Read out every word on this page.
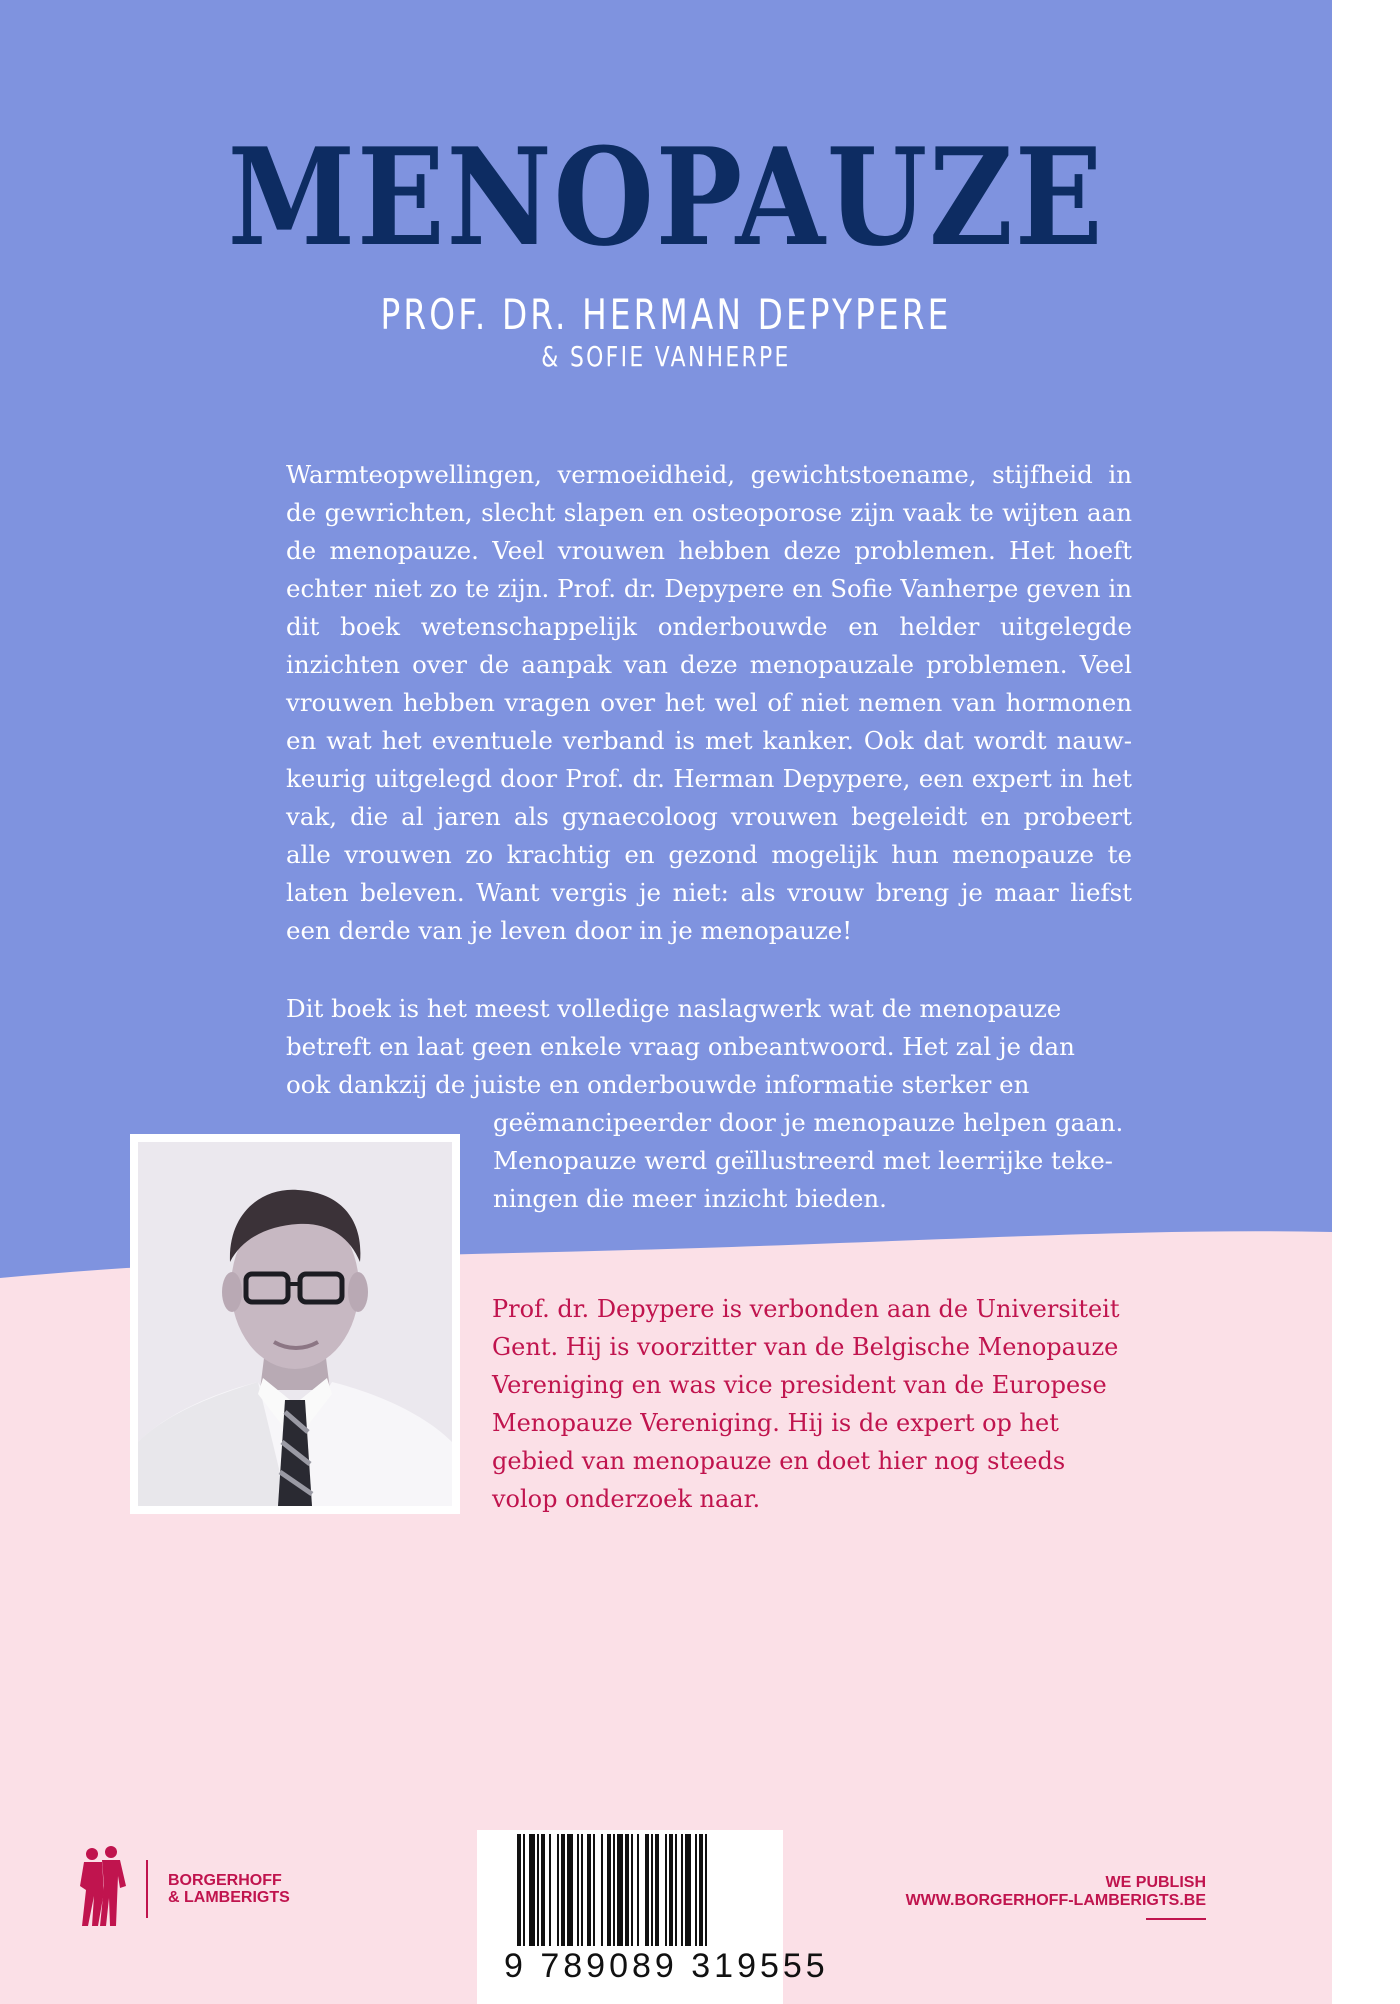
MENOPAUZE
PROF. DR. HERMAN DEPYPERE
& SOFIE VANHERPE

Warmteopwellingen, vermoeidheid, gewichtstoename, stijfheid in de gewrichten, slecht slapen en osteoporose zijn vaak te wijten aan de menopauze. Veel vrouwen hebben deze problemen. Het hoeft echter niet zo te zijn. Prof. dr. Depypere en Sofie Vanherpe geven in dit boek wetenschappelijk onderbouwde en helder uitgelegde inzichten over de aanpak van deze menopauzale problemen. Veel vrouwen hebben vragen over het wel of niet nemen van hormonen en wat het eventuele verband is met kanker. Ook dat wordt nauw-keurig uitgelegd door Prof. dr. Herman Depypere, een expert in het vak, die al jaren als gynaecoloog vrouwen begeleidt en probeert alle vrouwen zo krachtig en gezond mogelijk hun menopauze te laten beleven. Want vergis je niet: als vrouw breng je maar liefst een derde van je leven door in je menopauze!

Dit boek is het meest volledige naslagwerk wat de menopauze
betreft en laat geen enkele vraag onbeantwoord. Het zal je dan
ook dankzij de juiste en onderbouwde informatie sterker en
geëmancipeerder door je menopauze helpen gaan.
Menopauze werd geïllustreerd met leerrijke teke-
ningen die meer inzicht bieden.
Prof. dr. Depypere is verbonden aan de Universiteit
Gent. Hij is voorzitter van de Belgische Menopauze
Vereniging en was vice president van de Europese
Menopauze Vereniging. Hij is de expert op het
gebied van menopauze en doet hier nog steeds
volop onderzoek naar.
BORGERHOFF
& LAMBERIGTS
9 789089 319555
WE PUBLISH
WWW.BORGERHOFF-LAMBERIGTS.BE
